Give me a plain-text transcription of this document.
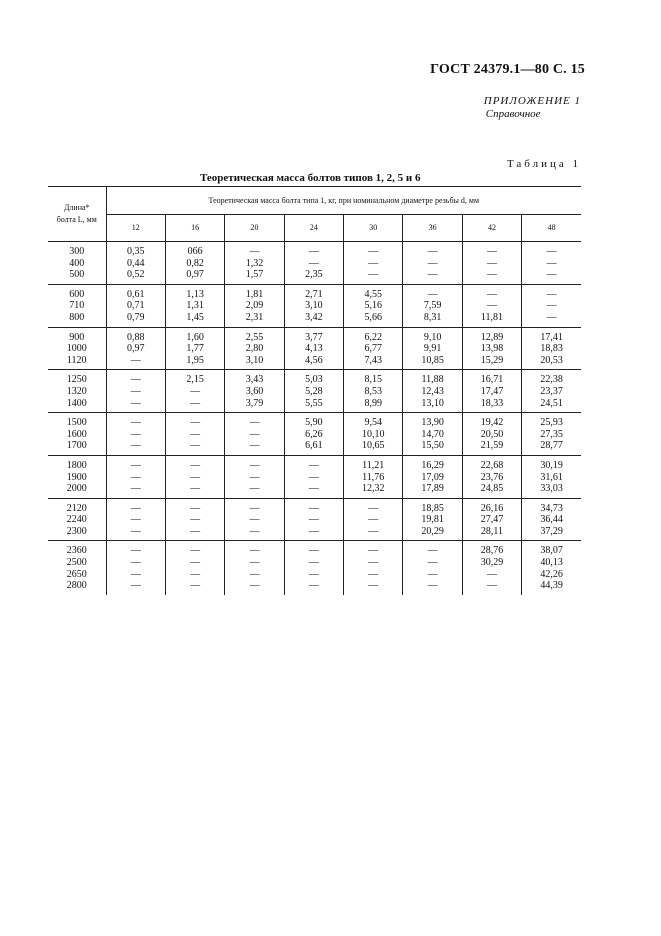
ГОСТ 24379.1—80 С. 15
ПРИЛОЖЕНИЕ 1
Справочное
Таблица 1
Теоретическая масса болтов типов 1, 2, 5 и 6
Длина*
болта L, мм	Теоретическая масса болта типа 1, кг, при номинальном диаметре резьбы d, мм							
	12	16	20	24	30	36	42	48
300	0,35	066	—	—	—	—	—	—
400	0,44	0,82	1,32	—	—	—	—	—
500	0,52	0,97	1,57	2,35	—	—	—	—
600	0,61	1,13	1,81	2,71	4,55	—	—	—
710	0,71	1,31	2,09	3,10	5,16	7,59	—	—
800	0,79	1,45	2,31	3,42	5,66	8,31	11,81	—
900	0,88	1,60	2,55	3,77	6,22	9,10	12,89	17,41
1000	0,97	1,77	2,80	4,13	6,77	9,91	13,98	18,83
1120	—	1,95	3,10	4,56	7,43	10,85	15,29	20,53
1250	—	2,15	3,43	5,03	8,15	11,88	16,71	22,38
1320	—	—	3,60	5,28	8,53	12,43	17,47	23,37
1400	—	—	3,79	5,55	8,99	13,10	18,33	24,51
1500	—	—	—	5,90	9,54	13,90	19,42	25,93
1600	—	—	—	6,26	10,10	14,70	20,50	27,35
1700	—	—	—	6,61	10,65	15,50	21,59	28,77
1800	—	—	—	—	11,21	16,29	22,68	30,19
1900	—	—	—	—	11,76	17,09	23,76	31,61
2000	—	—	—	—	12,32	17,89	24,85	33,03
2120	—	—	—	—	—	18,85	26,16	34,73
2240	—	—	—	—	—	19,81	27,47	36,44
2300	—	—	—	—	—	20,29	28,11	37,29
2360	—	—	—	—	—	—	28,76	38,07
2500	—	—	—	—	—	—	30,29	40,13
2650	—	—	—	—	—	—	—	42,26
2800	—	—	—	—	—	—	—	44,39
